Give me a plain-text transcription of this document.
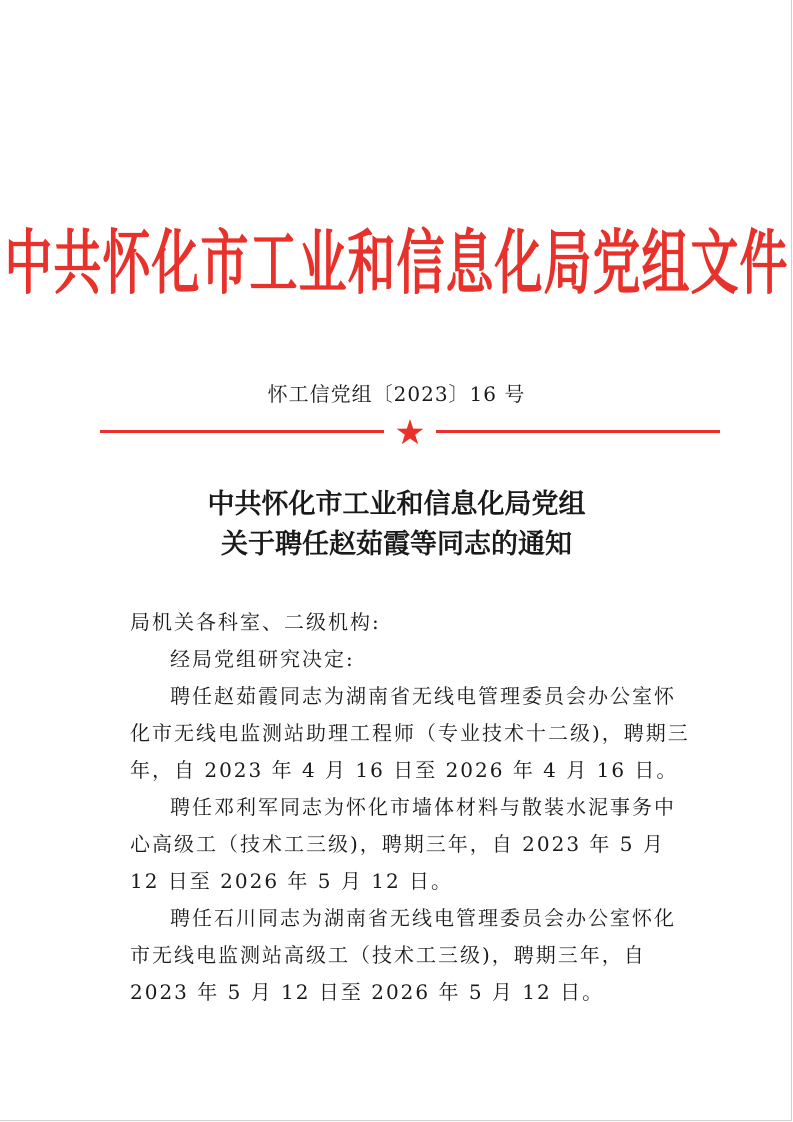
中共怀化市工业和信息化局党组文件
怀工信党组〔2023〕16 号
中共怀化市工业和信息化局党组
关于聘任赵茹霞等同志的通知

局机关各科室、二级机构:

经局党组研究决定:

聘任赵茹霞同志为湖南省无线电管理委员会办公室怀化市无线电监测站助理工程师（专业技术十二级)，聘期三年，自 2023 年 4 月 16 日至 2026 年 4 月 16 日。

聘任邓利军同志为怀化市墙体材料与散装水泥事务中心高级工（技术工三级)，聘期三年，自 2023 年 5 月 12 日至 2026 年 5 月 12 日。

聘任石川同志为湖南省无线电管理委员会办公室怀化市无线电监测站高级工（技术工三级)，聘期三年，自 2023 年 5 月 12 日至 2026 年 5 月 12 日。
